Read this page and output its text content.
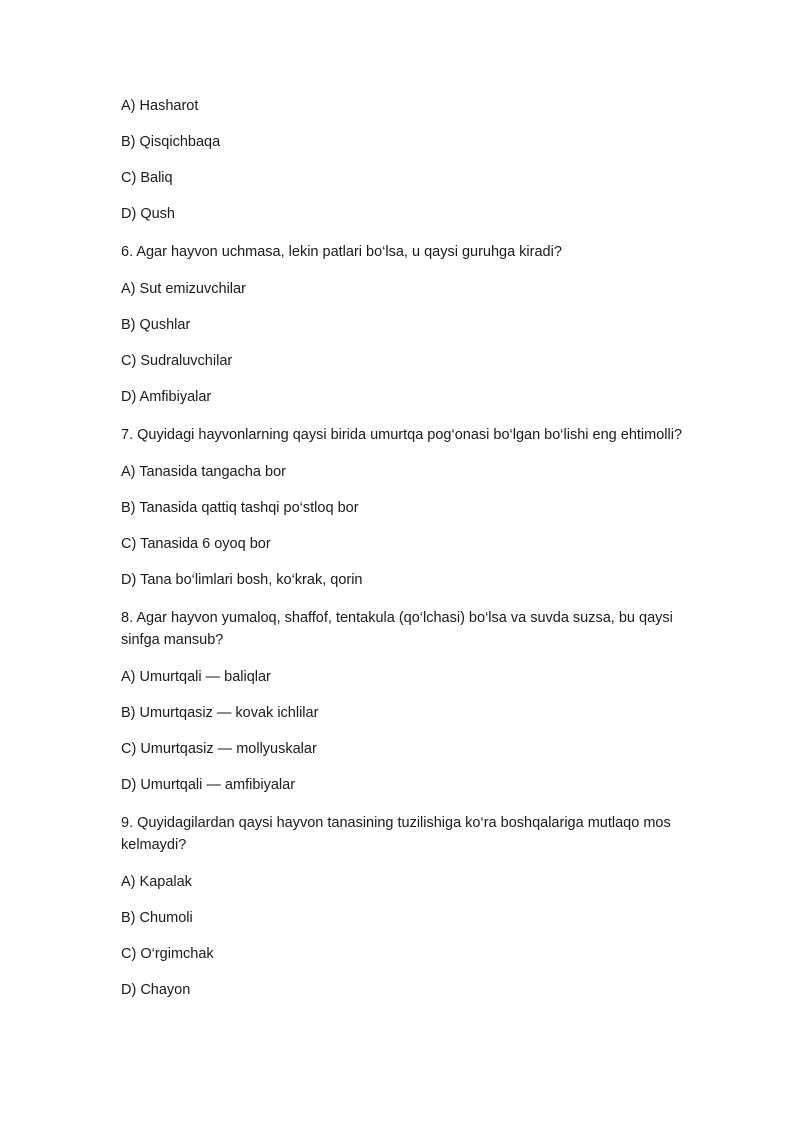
A) Hasharot

B) Qisqichbaqa

C) Baliq

D) Qush

6. Agar hayvon uchmasa, lekin patlari bo‘lsa, u qaysi guruhga kiradi?

A) Sut emizuvchilar

B) Qushlar

C) Sudraluvchilar

D) Amfibiyalar

7. Quyidagi hayvonlarning qaysi birida umurtqa pog‘onasi bo‘lgan bo‘lishi eng ehtimolli?

A) Tanasida tangacha bor

B) Tanasida qattiq tashqi po‘stloq bor

C) Tanasida 6 oyoq bor

D) Tana bo‘limlari bosh, ko‘krak, qorin

8. Agar hayvon yumaloq, shaffof, tentakula (qo‘lchasi) bo‘lsa va suvda suzsa, bu qaysi sinfga mansub?

A) Umurtqali — baliqlar

B) Umurtqasiz — kovak ichlilar

C) Umurtqasiz — mollyuskalar

D) Umurtqali — amfibiyalar

9. Quyidagilardan qaysi hayvon tanasining tuzilishiga ko‘ra boshqalariga mutlaqo mos kelmaydi?

A) Kapalak

B) Chumoli

C) O‘rgimchak

D) Chayon
